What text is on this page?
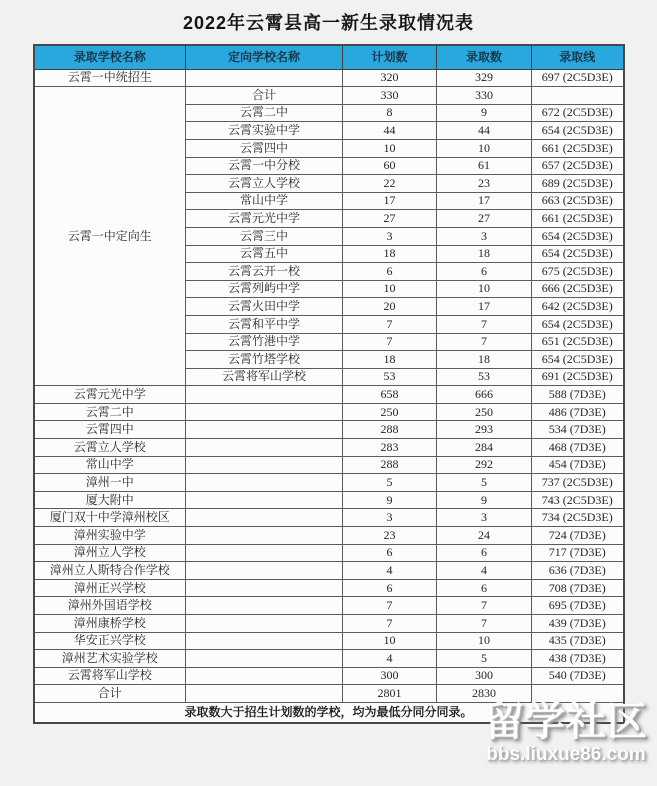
2022年云霄县高一新生录取情况表
录取学校名称	定向学校名称	计划数	录取数	录取线
云霄一中统招生		320	329	697 (2C5D3E)
云霄一中定向生	合计	330	330	
	云霄二中	8	9	672 (2C5D3E)
	云霄实验中学	44	44	654 (2C5D3E)
	云霄四中	10	10	661 (2C5D3E)
	云霄一中分校	60	61	657 (2C5D3E)
	云霄立人学校	22	23	689 (2C5D3E)
	常山中学	17	17	663 (2C5D3E)
	云霄元光中学	27	27	661 (2C5D3E)
	云霄三中	3	3	654 (2C5D3E)
	云霄五中	18	18	654 (2C5D3E)
	云霄云开一校	6	6	675 (2C5D3E)
	云霄列屿中学	10	10	666 (2C5D3E)
	云霄火田中学	20	17	642 (2C5D3E)
	云霄和平中学	7	7	654 (2C5D3E)
	云霄竹港中学	7	7	651 (2C5D3E)
	云霄竹塔学校	18	18	654 (2C5D3E)
	云霄将军山学校	53	53	691 (2C5D3E)
云霄元光中学		658	666	588 (7D3E)
云霄二中		250	250	486 (7D3E)
云霄四中		288	293	534 (7D3E)
云霄立人学校		283	284	468 (7D3E)
常山中学		288	292	454 (7D3E)
漳州一中		5	5	737 (2C5D3E)
厦大附中		9	9	743 (2C5D3E)
厦门双十中学漳州校区		3	3	734 (2C5D3E)
漳州实验中学		23	24	724 (7D3E)
漳州立人学校		6	6	717 (7D3E)
漳州立人斯特合作学校		4	4	636 (7D3E)
漳州正兴学校		6	6	708 (7D3E)
漳州外国语学校		7	7	695 (7D3E)
漳州康桥学校		7	7	439 (7D3E)
华安正兴学校		10	10	435 (7D3E)
漳州艺术实验学校		4	5	438 (7D3E)
云霄将军山学校		300	300	540 (7D3E)
合计		2801	2830	
录取数大于招生计划数的学校，均为最低分同分同录。				留学社区
bbs.liuxue86.com
